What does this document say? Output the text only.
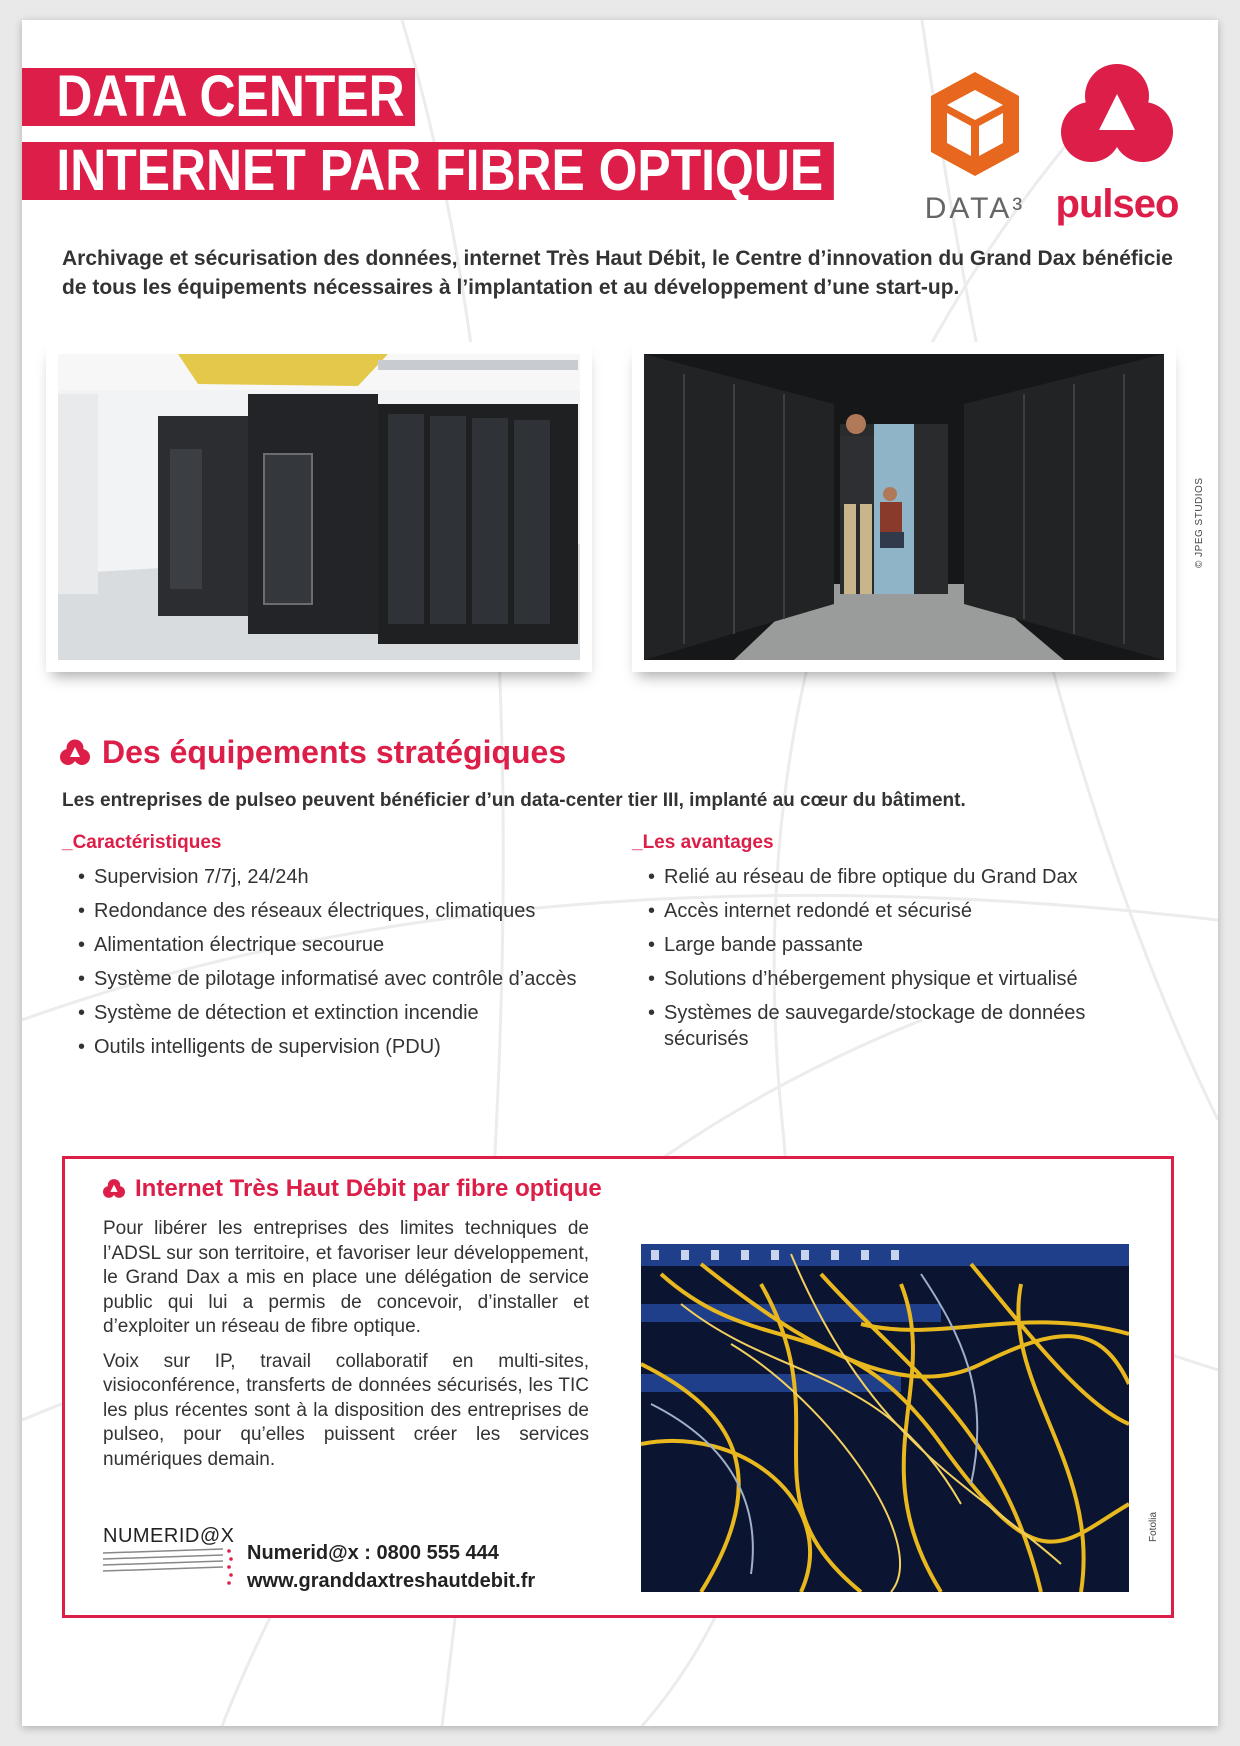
DATA CENTER
INTERNET PAR FIBRE OPTIQUE
DATA³ pulseo
Archivage et sécurisation des données, internet Très Haut Débit, le Centre d’innovation du Grand Dax bénéficie de tous les équipements nécessaires à l’implantation et au développement d’une start-up.
© JPEG STUDIOS
Des équipements stratégiques
Les entreprises de pulseo peuvent bénéficier d’un data-center tier III, implanté au cœur du bâtiment.
_Caractéristiques
• Supervision 7/7j, 24/24h
• Redondance des réseaux électriques, climatiques
• Alimentation électrique secourue
• Système de pilotage informatisé avec contrôle d’accès
• Système de détection et extinction incendie
• Outils intelligents de supervision (PDU)
_Les avantages
• Relié au réseau de fibre optique du Grand Dax
• Accès internet redondé et sécurisé
• Large bande passante
• Solutions d’hébergement physique et virtualisé
• Systèmes de sauvegarde/stockage de données sécurisés
Internet Très Haut Débit par fibre optique

Pour libérer les entreprises des limites techniques de l’ADSL sur son territoire, et favoriser leur développement, le Grand Dax a mis en place une délégation de service public qui lui a permis de concevoir, d’installer et d’exploiter un réseau de fibre optique.

Voix sur IP, travail collaboratif en multi-sites, visioconférence, transferts de données sécurisés, les TIC les plus récentes sont à la disposition des entreprises de pulseo, pour qu’elles puissent créer les services numériques demain.

NUMERID@X
Numerid@x : 0800 555 444
www.granddaxtreshautdebit.fr
Fotolia
